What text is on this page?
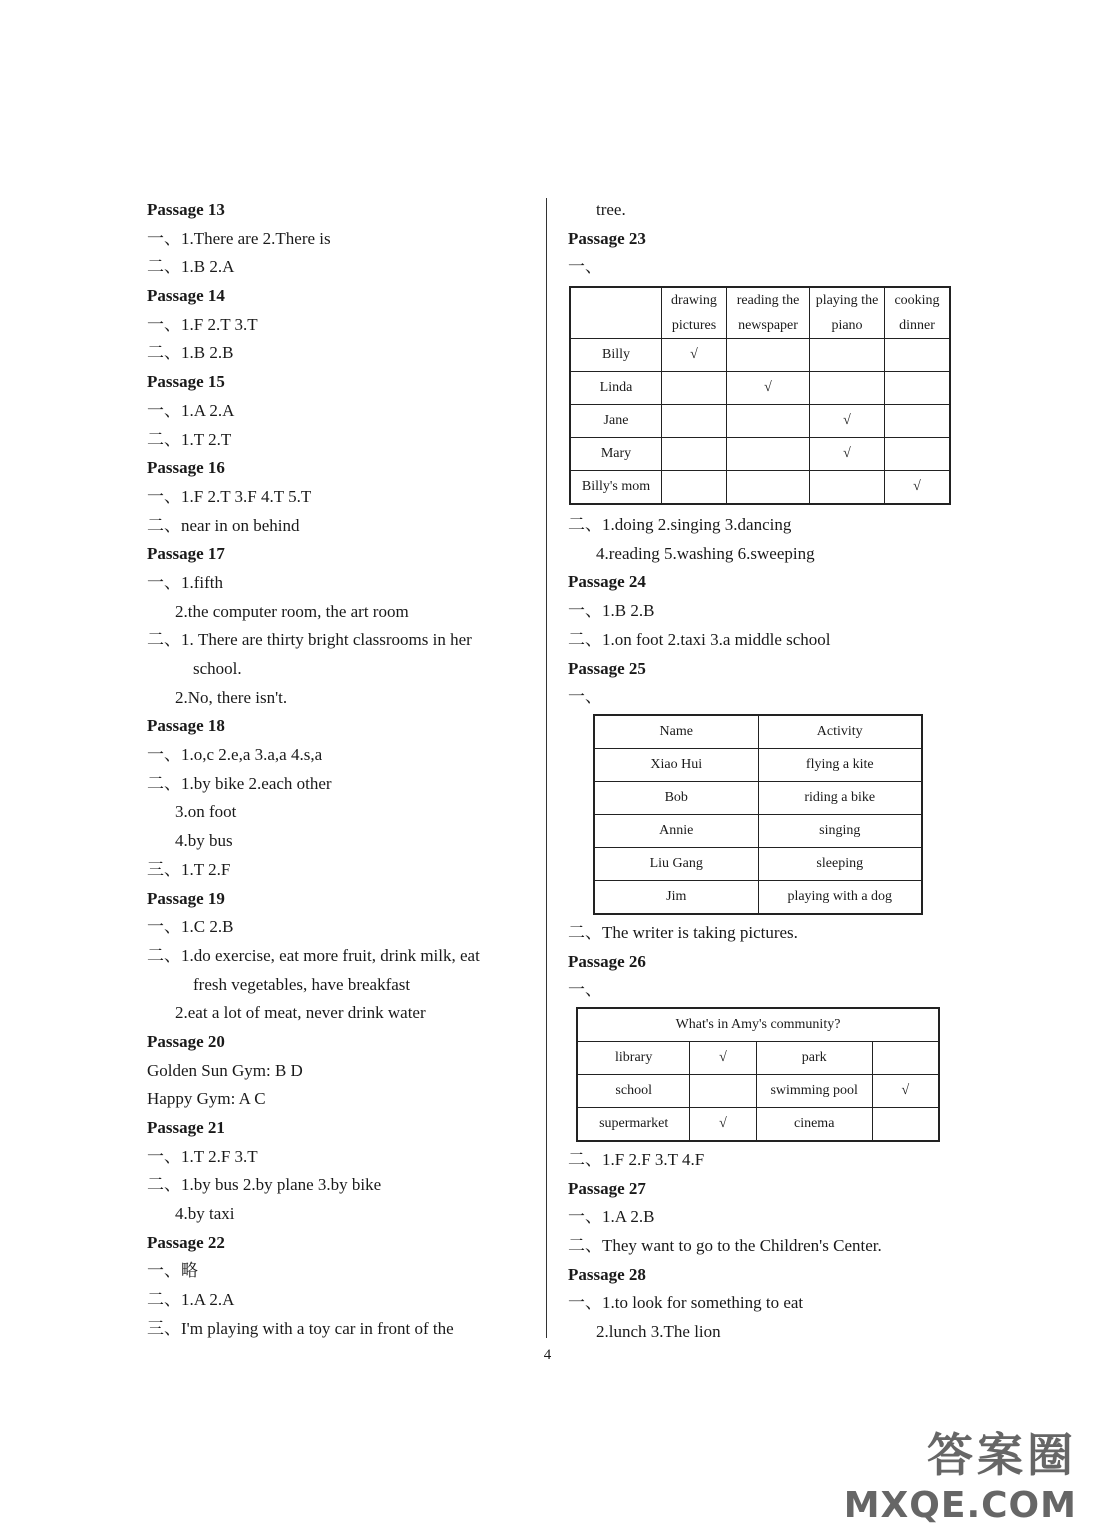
Passage 13
一、1.There are 2.There is
二、1.B 2.A
Passage 14
一、1.F 2.T 3.T
二、1.B 2.B
Passage 15
一、1.A 2.A
二、1.T 2.T
Passage 16
一、1.F 2.T 3.F 4.T 5.T
二、near in on behind
Passage 17
一、1.fifth
2.the computer room, the art room
二、1. There are thirty bright classrooms in her
school.
2.No, there isn't.
Passage 18
一、1.o,c 2.e,a 3.a,a 4.s,a
二、1.by bike 2.each other
3.on foot
4.by bus
三、1.T 2.F
Passage 19
一、1.C 2.B
二、1.do exercise, eat more fruit, drink milk, eat
fresh vegetables, have breakfast
2.eat a lot of meat, never drink water
Passage 20
Golden Sun Gym: B D
Happy Gym: A C
Passage 21
一、1.T 2.F 3.T
二、1.by bus 2.by plane 3.by bike
4.by taxi
Passage 22
一、略
二、1.A 2.A
三、I'm playing with a toy car in front of the
tree.
Passage 23
一、
	drawing pictures	reading the newspaper	playing the piano	cooking dinner
Billy	√			
Linda		√		
Jane			√	
Mary			√	
Billy's mom				√
二、1.doing 2.singing 3.dancing
4.reading 5.washing 6.sweeping
Passage 24
一、1.B 2.B
二、1.on foot 2.taxi 3.a middle school
Passage 25
一、
Name	Activity
Xiao Hui	flying a kite
Bob	riding a bike
Annie	singing
Liu Gang	sleeping
Jim	playing with a dog
二、The writer is taking pictures.
Passage 26
一、
What's in Amy's community?			
library	√	park	
school		swimming pool	√
supermarket	√	cinema	
二、1.F 2.F 3.T 4.F
Passage 27
一、1.A 2.B
二、They want to go to the Children's Center.
Passage 28
一、1.to look for something to eat
2.lunch 3.The lion
4
答案圈
MXQE.COM
